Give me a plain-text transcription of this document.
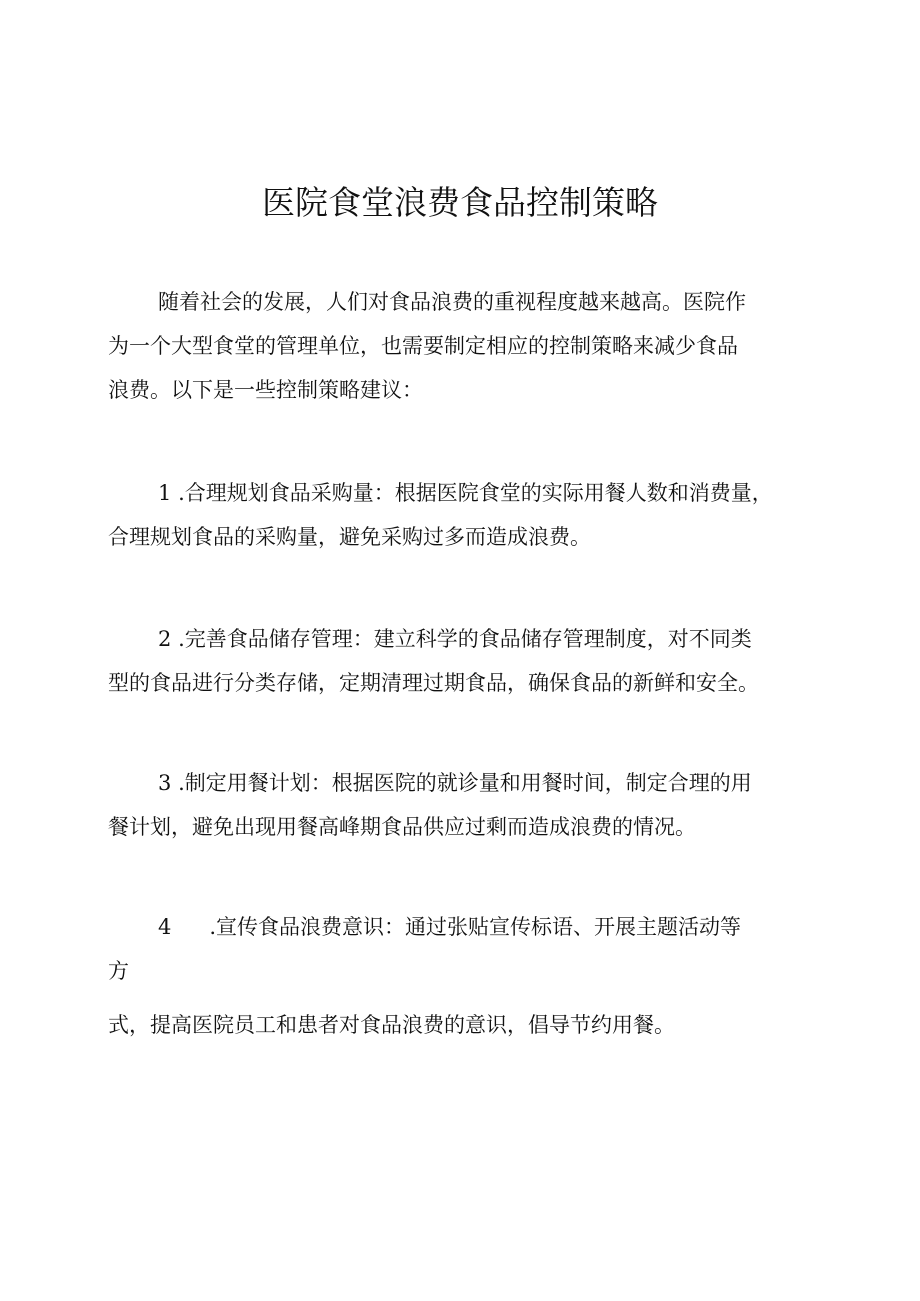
医院食堂浪费食品控制策略
随着社会的发展，人们对食品浪费的重视程度越来越高。医院作
为一个大型食堂的管理单位，也需要制定相应的控制策略来减少食品
浪费。以下是一些控制策略建议：
1 .合理规划食品采购量：根据医院食堂的实际用餐人数和消费量，
合理规划食品的采购量，避免采购过多而造成浪费。
2 .完善食品储存管理：建立科学的食品储存管理制度，对不同类
型的食品进行分类存储，定期清理过期食品，确保食品的新鲜和安全。
3 .制定用餐计划：根据医院的就诊量和用餐时间，制定合理的用
餐计划，避免出现用餐高峰期食品供应过剩而造成浪费的情况。
4 .宣传食品浪费意识：通过张贴宣传标语、开展主题活动等
方
式，提高医院员工和患者对食品浪费的意识，倡导节约用餐。
